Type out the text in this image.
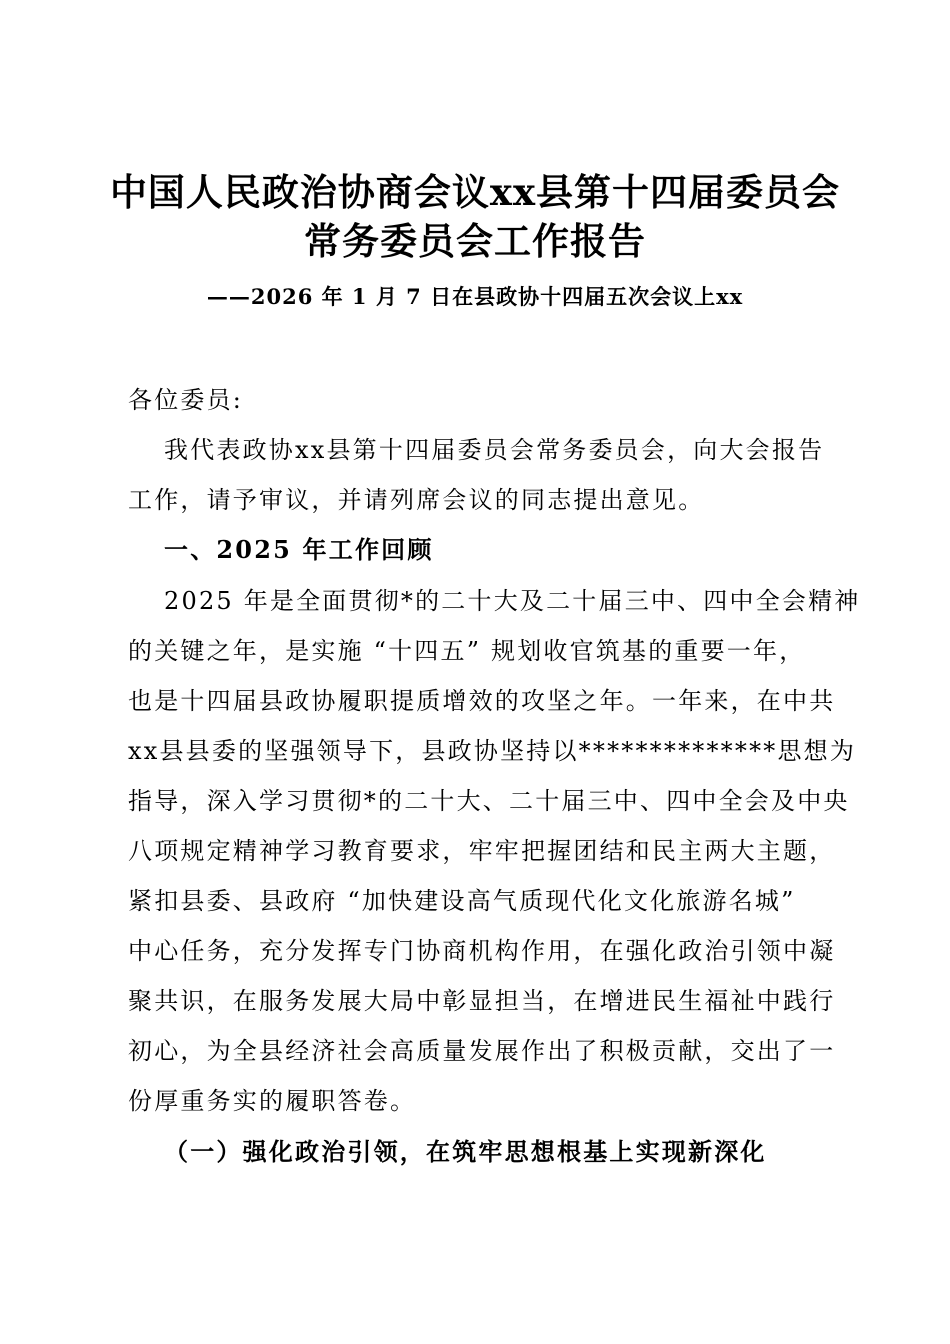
中国人民政治协商会议xx县第十四届委员会
常务委员会工作报告
——2026 年 1 月 7 日在县政协十四届五次会议上xx
各位委员:
我代表政协xx县第十四届委员会常务委员会，向大会报告
工作，请予审议，并请列席会议的同志提出意见。
一、2025 年工作回顾
2025 年是全面贯彻*的二十大及二十届三中、四中全会精神
的关键之年，是实施 “十四五” 规划收官筑基的重要一年，
也是十四届县政协履职提质增效的攻坚之年。一年来，在中共
xx县县委的坚强领导下，县政协坚持以**************思想为
指导，深入学习贯彻*的二十大、二十届三中、四中全会及中央
八项规定精神学习教育要求，牢牢把握团结和民主两大主题，
紧扣县委、县政府 “加快建设高气质现代化文化旅游名城”
中心任务，充分发挥专门协商机构作用，在强化政治引领中凝
聚共识，在服务发展大局中彰显担当，在增进民生福祉中践行
初心，为全县经济社会高质量发展作出了积极贡献，交出了一
份厚重务实的履职答卷。
（一）强化政治引领，在筑牢思想根基上实现新深化
